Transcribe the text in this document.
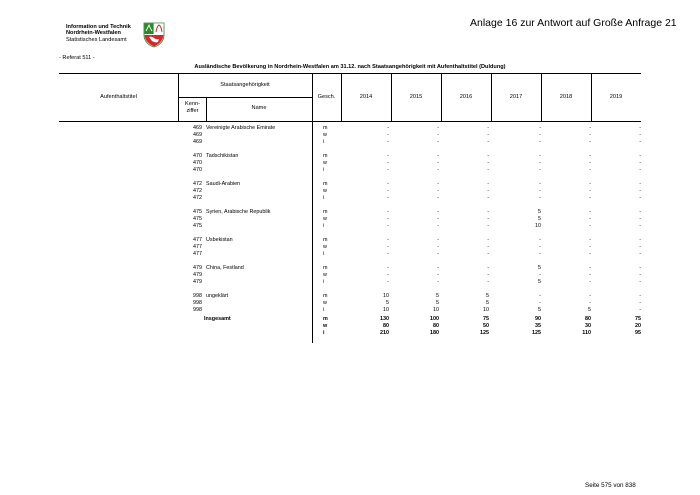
Information und Technik
Nordrhein-Westfalen
Statistisches Landesamt
Anlage 16 zur Antwort auf Große Anfrage 21
- Referat 511 -
Ausländische Bevölkerung in Nordrhein-Westfalen am 31.12. nach Staatsangehörigkeit mit Aufenthaltstitel (Duldung)
Aufenthaltstitel
Staatsangehörigkeit
Kenn-
ziffer	Name
Gesch.	2014	2015	2016	2017	2018	2019
469 Vereinigte Arabische Emirate	m	-	-	-	-	-	-
469	w	-	-	-	-	-	-
469	i	-	-	-	-	-	-
470 Tadschikistan	m	-	-	-	-	-	-
470	w	-	-	-	-	-	-
470	i	-	-	-	-	-	-
472 Saudi-Arabien	m	-	-	-	-	-	-
472	w	-	-	-	-	-	-
472	i	-	-	-	-	-	-
475 Syrien, Arabische Republik	m	-	-	-	5	-	-
475	w	-	-	-	5	-	-
475	i	-	-	-	10	-	-
477 Usbekistan	m	-	-	-	-	-	-
477	w	-	-	-	-	-	-
477	i	-	-	-	-	-	-
479 China, Festland	m	-	-	-	5	-	-
479	w	-	-	-	-	-	-
479	i	-	-	-	5	-	-
998 ungeklärt	m	10	5	5	-	-	-
998	w	5	5	5	-	-	-
998	i	10	10	10	5	5	-
Insgesamt	m	130	100	75	90	80	75
w	80	80	50	35	30	20
i	210	180	125	125	110	95
Seite 575 von 838
